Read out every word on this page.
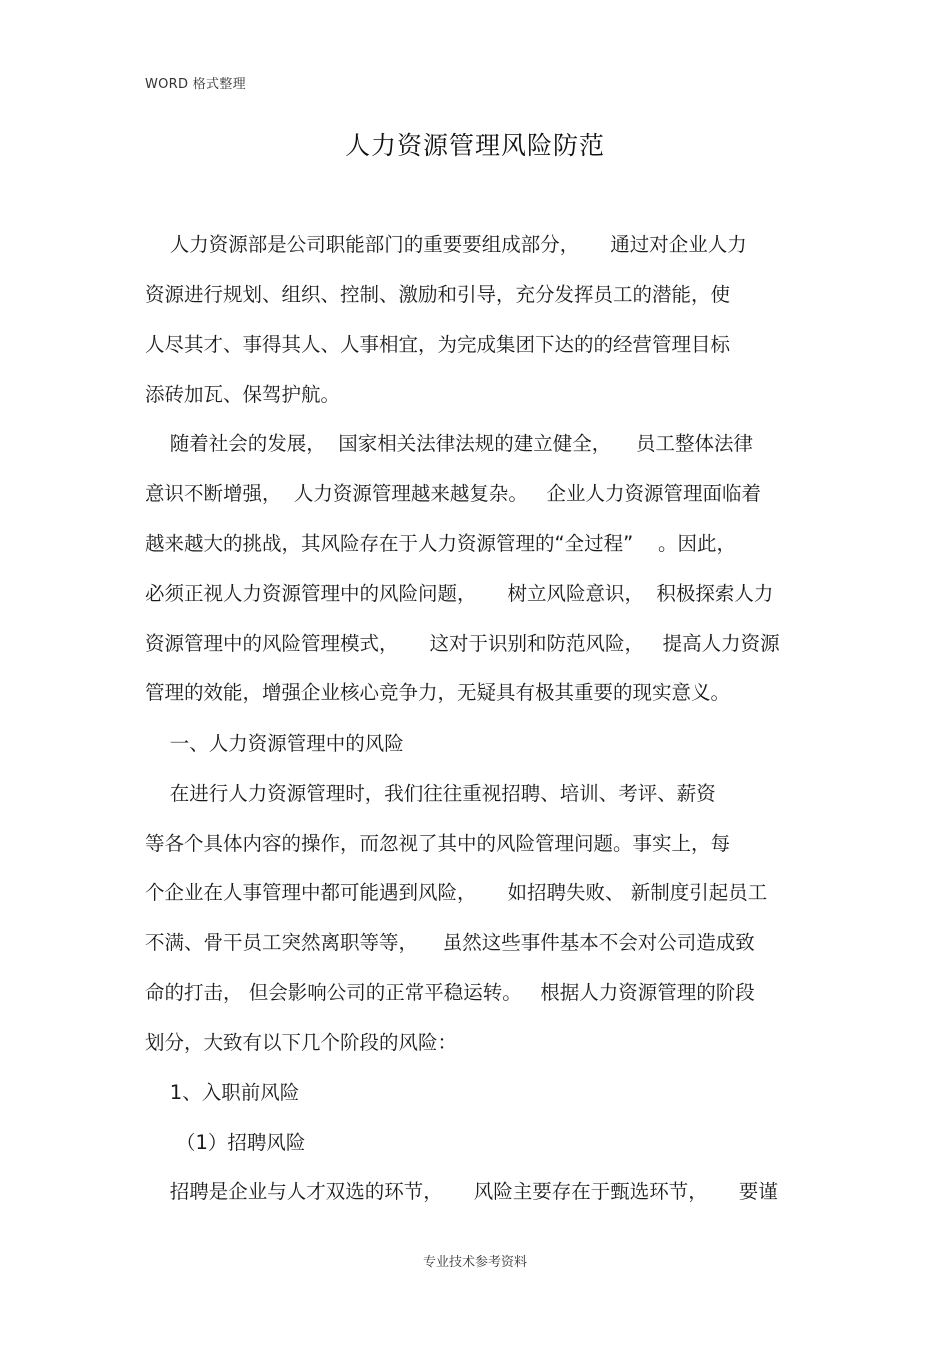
WORD 格式整理
人力资源管理风险防范
人力资源部是公司职能部门的重要要组成部分，     通过对企业人力
资源进行规划、组织、控制、激励和引导，充分发挥员工的潜能，使
人尽其才、事得其人、人事相宜，为完成集团下达的的经营管理目标
添砖加瓦、保驾护航。
随着社会的发展，  国家相关法律法规的建立健全，    员工整体法律
意识不断增强，  人力资源管理越来越复杂。   企业人力资源管理面临着
越来越大的挑战，其风险存在于人力资源管理的“全过程”    。因此，
必须正视人力资源管理中的风险问题，     树立风险意识，  积极探索人力
资源管理中的风险管理模式，     这对于识别和防范风险，   提高人力资源
管理的效能，增强企业核心竞争力，无疑具有极其重要的现实意义。
一、人力资源管理中的风险
在进行人力资源管理时，我们往往重视招聘、培训、考评、薪资
等各个具体内容的操作，而忽视了其中的风险管理问题。事实上，每
个企业在人事管理中都可能遇到风险，     如招聘失败、 新制度引起员工
不满、骨干员工突然离职等等，    虽然这些事件基本不会对公司造成致
命的打击， 但会影响公司的正常平稳运转。   根据人力资源管理的阶段
划分，大致有以下几个阶段的风险：
1、入职前风险
（1）招聘风险
招聘是企业与人才双选的环节，     风险主要存在于甄选环节，     要谨
专业技术参考资料
